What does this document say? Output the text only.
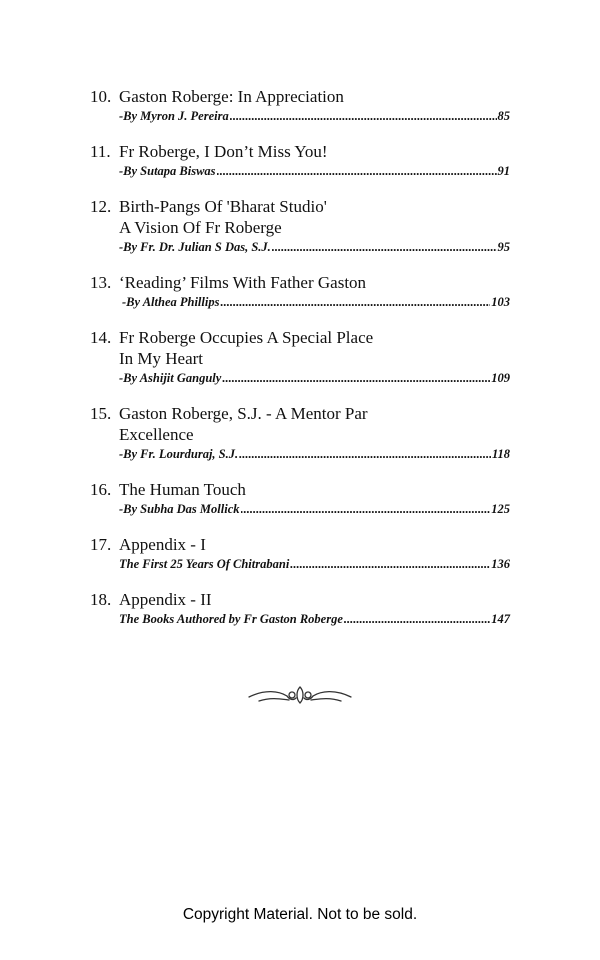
10. Gaston Roberge: In Appreciation
-By Myron J. Pereira .....	85
11. Fr Roberge, I Don’t Miss You!
-By Sutapa Biswas .....	91
12. Birth-Pangs Of 'Bharat Studio'
A Vision Of Fr Roberge
-By Fr. Dr. Julian S Das, S.J. .....	95
13. ‘Reading’ Films With Father Gaston
-By Althea Phillips .....	103
14. Fr Roberge Occupies A Special Place
In My Heart
-By Ashijit Ganguly .....	109
15. Gaston Roberge, S.J. - A Mentor Par
Excellence
-By Fr. Lourduraj, S.J. .....	118
16. The Human Touch
-By Subha Das Mollick .....	125
17. Appendix - I
The First 25 Years Of Chitrabani .....	136
18. Appendix - II
The Books Authored by Fr Gaston Roberge .....	147
Copyright Material. Not to be sold.
